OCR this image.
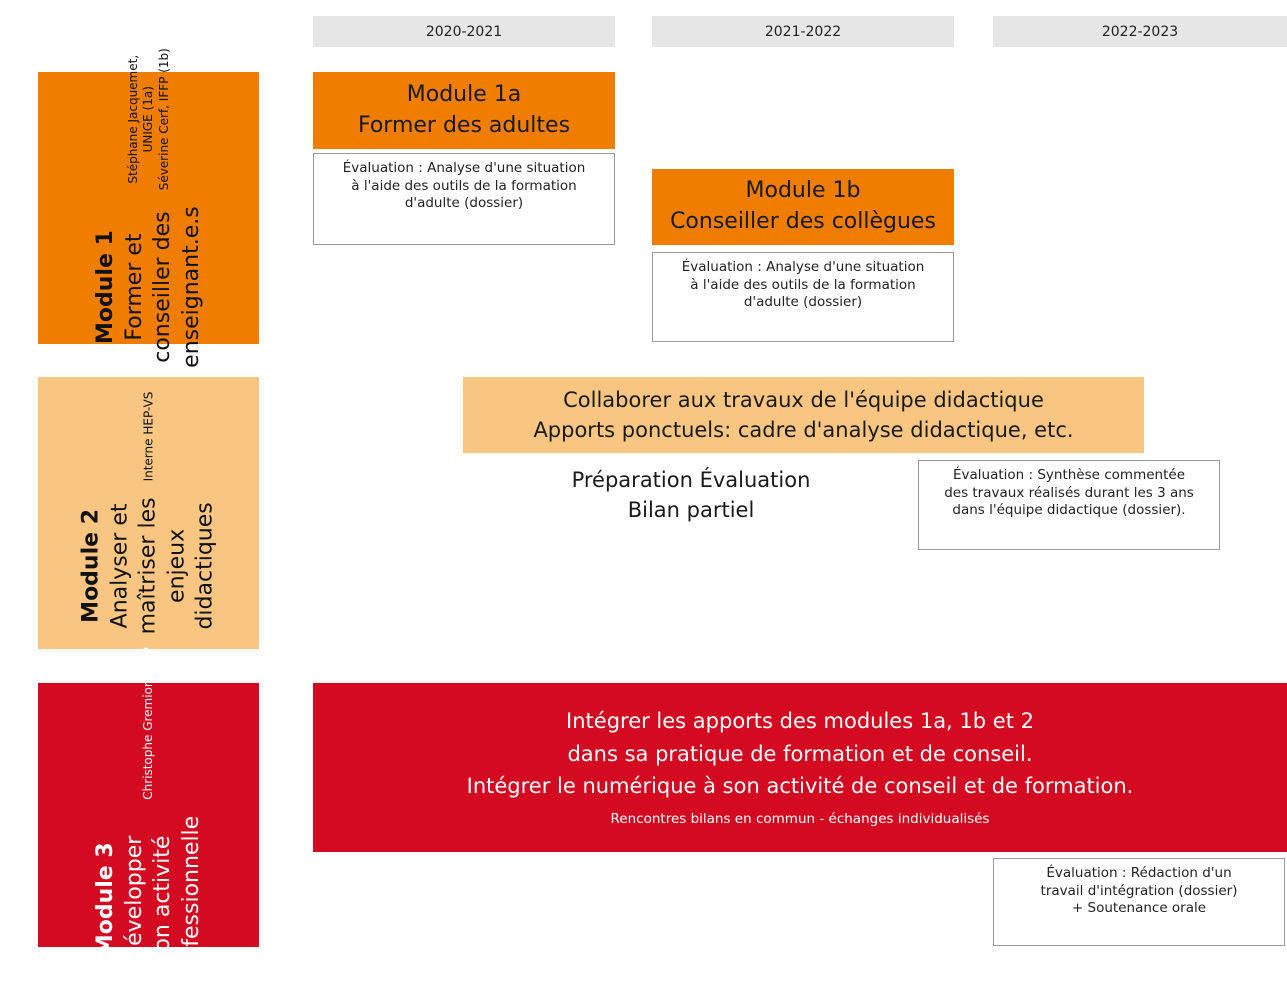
2020-2021	2021-2022	2022-2023
Module 1 Former et conseiller des enseignant.e.s
Stéphane Jacquemet, UNIGE (1a) Séverine Cerf, IFFP (1b)
Module 2 Analyser et maîtriser les enjeux didactiques
Interne HEP-VS
Module 3 Développer son activité professionnelle
Christophe Gremion, IFFP
Module 1a
Former des adultes
Évaluation : Analyse d'une situation
à l'aide des outils de la formation
d'adulte (dossier)	Module 1b
Conseiller des collègues
Évaluation : Analyse d'une situation
à l'aide des outils de la formation
d'adulte (dossier)
Collaborer aux travaux de l'équipe didactique
Apports ponctuels: cadre d'analyse didactique, etc.
Préparation Évaluation
Bilan partiel
Évaluation : Synthèse commentée
des travaux réalisés durant les 3 ans
dans l'équipe didactique (dossier).
Intégrer les apports des modules 1a, 1b et 2
dans sa pratique de formation et de conseil.
Intégrer le numérique à son activité de conseil et de formation.
Rencontres bilans en commun - échanges individualisés
Évaluation : Rédaction d'un
travail d'intégration (dossier)
+ Soutenance orale
